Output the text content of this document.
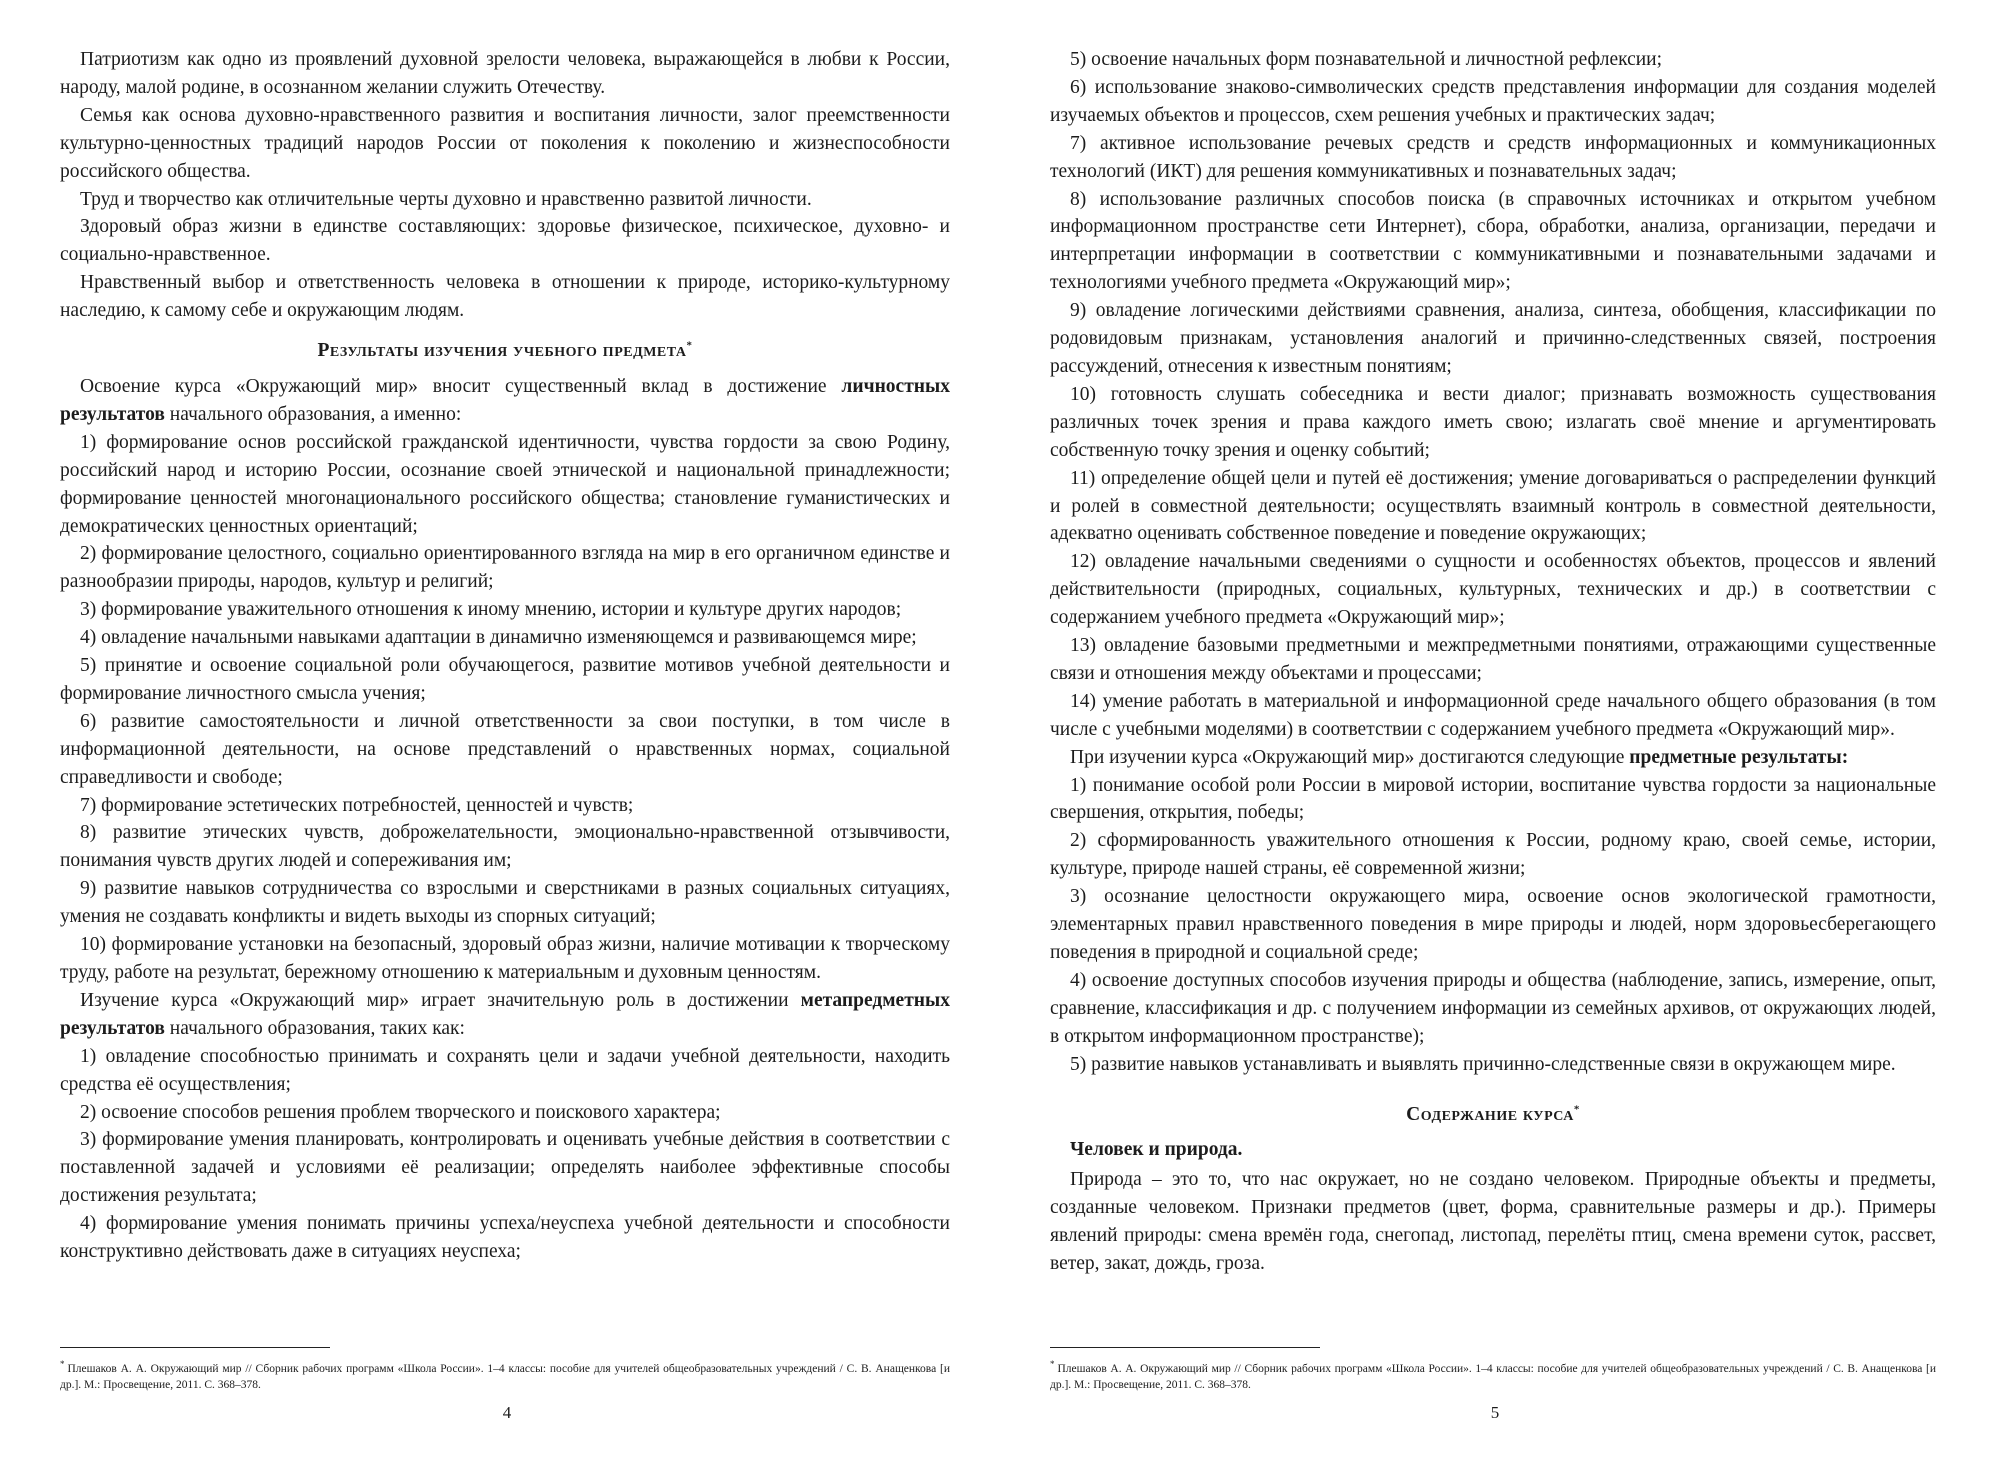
Патриотизм как одно из проявлений духовной зрелости человека, выражающейся в любви к России, народу, малой родине, в осознанном желании служить Отечеству.

Семья как основа духовно-нравственного развития и воспитания личности, залог преемственности культурно-ценностных традиций народов России от поколения к поколению и жизнеспособности российского общества.

Труд и творчество как отличительные черты духовно и нравственно развитой личности.

Здоровый образ жизни в единстве составляющих: здоровье физическое, психическое, духовно- и социально-нравственное.

Нравственный выбор и ответственность человека в отношении к природе, историко-культурному наследию, к самому себе и окружающим людям.

Результаты изучения учебного предмета*

Освоение курса «Окружающий мир» вносит существенный вклад в достижение личностных результатов начального образования, а именно:

1) формирование основ российской гражданской идентичности, чувства гордости за свою Родину, российский народ и историю России, осознание своей этнической и национальной принадлежности; формирование ценностей многонационального российского общества; становление гуманистических и демократических ценностных ориентаций;

2) формирование целостного, социально ориентированного взгляда на мир в его органичном единстве и разнообразии природы, народов, культур и религий;

3) формирование уважительного отношения к иному мнению, истории и культуре других народов;

4) овладение начальными навыками адаптации в динамично изменяющемся и развивающемся мире;

5) принятие и освоение социальной роли обучающегося, развитие мотивов учебной деятельности и формирование личностного смысла учения;

6) развитие самостоятельности и личной ответственности за свои поступки, в том числе в информационной деятельности, на основе представлений о нравственных нормах, социальной справедливости и свободе;

7) формирование эстетических потребностей, ценностей и чувств;

8) развитие этических чувств, доброжелательности, эмоционально-нравственной отзывчивости, понимания чувств других людей и сопереживания им;

9) развитие навыков сотрудничества со взрослыми и сверстниками в разных социальных ситуациях, умения не создавать конфликты и видеть выходы из спорных ситуаций;

10) формирование установки на безопасный, здоровый образ жизни, наличие мотивации к творческому труду, работе на результат, бережному отношению к материальным и духовным ценностям.

Изучение курса «Окружающий мир» играет значительную роль в достижении метапредметных результатов начального образования, таких как:

1) овладение способностью принимать и сохранять цели и задачи учебной деятельности, находить средства её осуществления;

2) освоение способов решения проблем творческого и поискового характера;

3) формирование умения планировать, контролировать и оценивать учебные действия в соответствии с поставленной задачей и условиями её реализации; определять наиболее эффективные способы достижения результата;

4) формирование умения понимать причины успеха/неуспеха учебной деятельности и способности конструктивно действовать даже в ситуациях неуспеха;

* Плешаков А. А. Окружающий мир // Сборник рабочих программ «Школа России». 1–4 классы: пособие для учителей общеобразовательных учреждений / С. В. Анащенкова [и др.]. М.: Просвещение, 2011. С. 368–378.
4

5) освоение начальных форм познавательной и личностной рефлексии;

6) использование знаково-символических средств представления информации для создания моделей изучаемых объектов и процессов, схем решения учебных и практических задач;

7) активное использование речевых средств и средств информационных и коммуникационных технологий (ИКТ) для решения коммуникативных и познавательных задач;

8) использование различных способов поиска (в справочных источниках и открытом учебном информационном пространстве сети Интернет), сбора, обработки, анализа, организации, передачи и интерпретации информации в соответствии с коммуникативными и познавательными задачами и технологиями учебного предмета «Окружающий мир»;

9) овладение логическими действиями сравнения, анализа, синтеза, обобщения, классификации по родовидовым признакам, установления аналогий и причинно-следственных связей, построения рассуждений, отнесения к известным понятиям;

10) готовность слушать собеседника и вести диалог; признавать возможность существования различных точек зрения и права каждого иметь свою; излагать своё мнение и аргументировать собственную точку зрения и оценку событий;

11) определение общей цели и путей её достижения; умение договариваться о распределении функций и ролей в совместной деятельности; осуществлять взаимный контроль в совместной деятельности, адекватно оценивать собственное поведение и поведение окружающих;

12) овладение начальными сведениями о сущности и особенностях объектов, процессов и явлений действительности (природных, социальных, культурных, технических и др.) в соответствии с содержанием учебного предмета «Окружающий мир»;

13) овладение базовыми предметными и межпредметными понятиями, отражающими существенные связи и отношения между объектами и процессами;

14) умение работать в материальной и информационной среде начального общего образования (в том числе с учебными моделями) в соответствии с содержанием учебного предмета «Окружающий мир».

При изучении курса «Окружающий мир» достигаются следующие предметные результаты:

1) понимание особой роли России в мировой истории, воспитание чувства гордости за национальные свершения, открытия, победы;

2) сформированность уважительного отношения к России, родному краю, своей семье, истории, культуре, природе нашей страны, её современной жизни;

3) осознание целостности окружающего мира, освоение основ экологической грамотности, элементарных правил нравственного поведения в мире природы и людей, норм здоровьесберегающего поведения в природной и социальной среде;

4) освоение доступных способов изучения природы и общества (наблюдение, запись, измерение, опыт, сравнение, классификация и др. с получением информации из семейных архивов, от окружающих людей, в открытом информационном пространстве);

5) развитие навыков устанавливать и выявлять причинно-следственные связи в окружающем мире.

Содержание курса*
Человек и природа.

Природа – это то, что нас окружает, но не создано человеком. Природные объекты и предметы, созданные человеком. Признаки предметов (цвет, форма, сравнительные размеры и др.). Примеры явлений природы: смена времён года, снегопад, листопад, перелёты птиц, смена времени суток, рассвет, ветер, закат, дождь, гроза.

* Плешаков А. А. Окружающий мир // Сборник рабочих программ «Школа России». 1–4 классы: пособие для учителей общеобразовательных учреждений / С. В. Анащенкова [и др.]. М.: Просвещение, 2011. С. 368–378.
5
